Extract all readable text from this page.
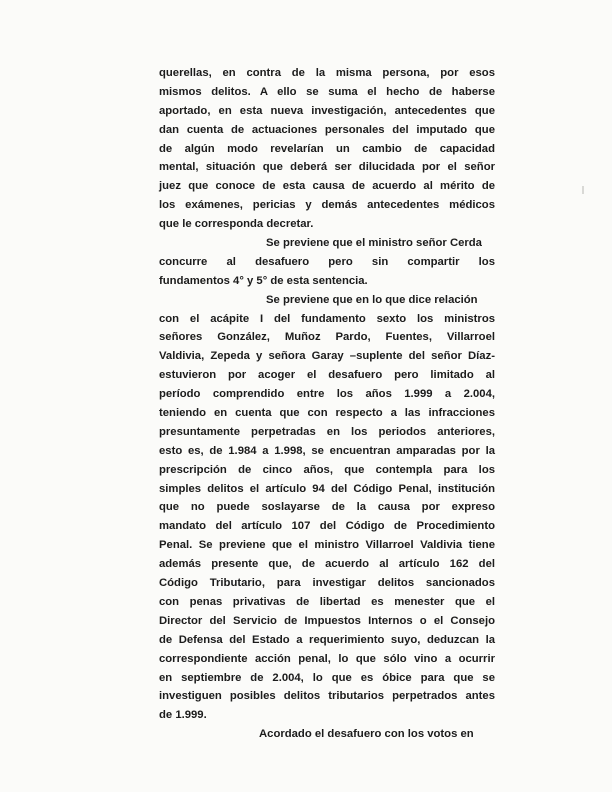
querellas, en contra de la misma persona, por esos
mismos delitos. A ello se suma el hecho de haberse
aportado, en esta nueva investigación, antecedentes que
dan cuenta de actuaciones personales del imputado que
de algún modo revelarían un cambio de capacidad
mental, situación que deberá ser dilucidada por el señor
juez que conoce de esta causa de acuerdo al mérito de
los exámenes, pericias y demás antecedentes médicos
que le corresponda decretar.
Se previene que el ministro señor Cerda
concurre al desafuero pero sin compartir los
fundamentos 4° y 5° de esta sentencia.
Se previene que en lo que dice relación
con el acápite I del fundamento sexto los ministros
señores González, Muñoz Pardo, Fuentes, Villarroel
Valdivia, Zepeda y señora Garay –suplente del señor Díaz-
estuvieron por acoger el desafuero pero limitado al
período comprendido entre los años 1.999 a 2.004,
teniendo en cuenta que con respecto a las infracciones
presuntamente perpetradas en los periodos anteriores,
esto es, de 1.984 a 1.998, se encuentran amparadas por la
prescripción de cinco años, que contempla para los
simples delitos el artículo 94 del Código Penal, institución
que no puede soslayarse de la causa por expreso
mandato del artículo 107 del Código de Procedimiento
Penal. Se previene que el ministro Villarroel Valdivia tiene
además presente que, de acuerdo al artículo 162 del
Código Tributario, para investigar delitos sancionados
con penas privativas de libertad es menester que el
Director del Servicio de Impuestos Internos o el Consejo
de Defensa del Estado a requerimiento suyo, deduzcan la
correspondiente acción penal, lo que sólo vino a ocurrir
en septiembre de 2.004, lo que es óbice para que se
investiguen posibles delitos tributarios perpetrados antes
de 1.999.
Acordado el desafuero con los votos en
